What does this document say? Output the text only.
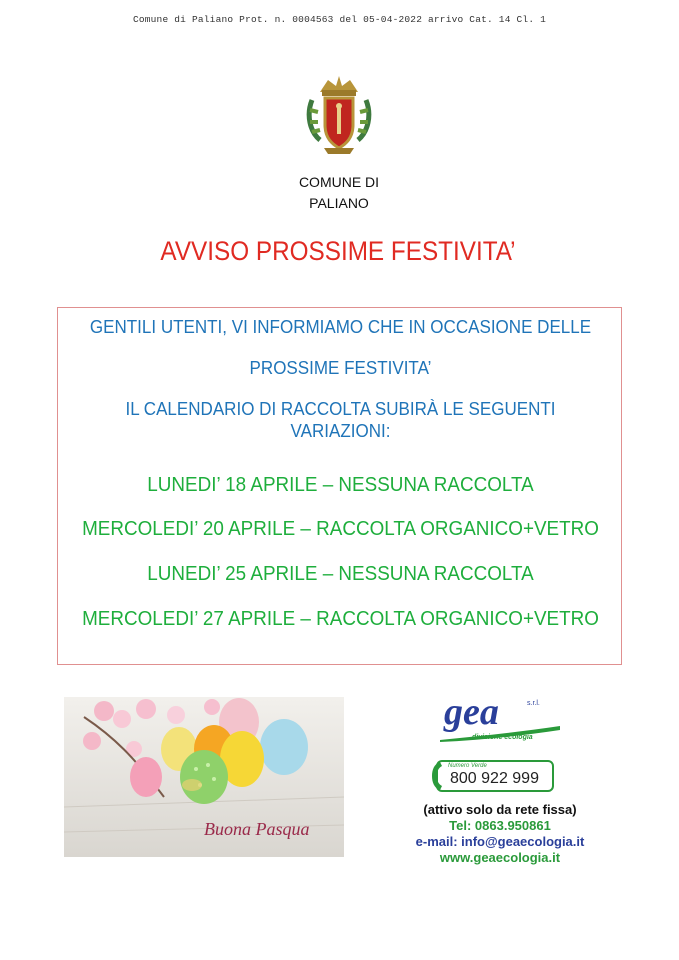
Comune di Paliano Prot. n. 0004563 del 05-04-2022 arrivo Cat. 14 Cl. 1
COMUNE DI
PALIANO
AVVISO PROSSIME FESTIVITA’
GENTILI UTENTI, VI INFORMIAMO CHE IN OCCASIONE DELLE
PROSSIME FESTIVITA’
IL CALENDARIO DI RACCOLTA SUBIRÀ LE SEGUENTI VARIAZIONI:
LUNEDI’ 18 APRILE – NESSUNA RACCOLTA
MERCOLEDI’ 20 APRILE – RACCOLTA ORGANICO+VETRO
LUNEDI’ 25 APRILE – NESSUNA RACCOLTA
MERCOLEDI’ 27 APRILE – RACCOLTA ORGANICO+VETRO
Buona Pasqua
gea	s.r.l.
divisione ecologia
Numero Verde
800 922 999
(attivo solo da rete fissa)
Tel: 0863.950861
e-mail: info@geaecologia.it
www.geaecologia.it
